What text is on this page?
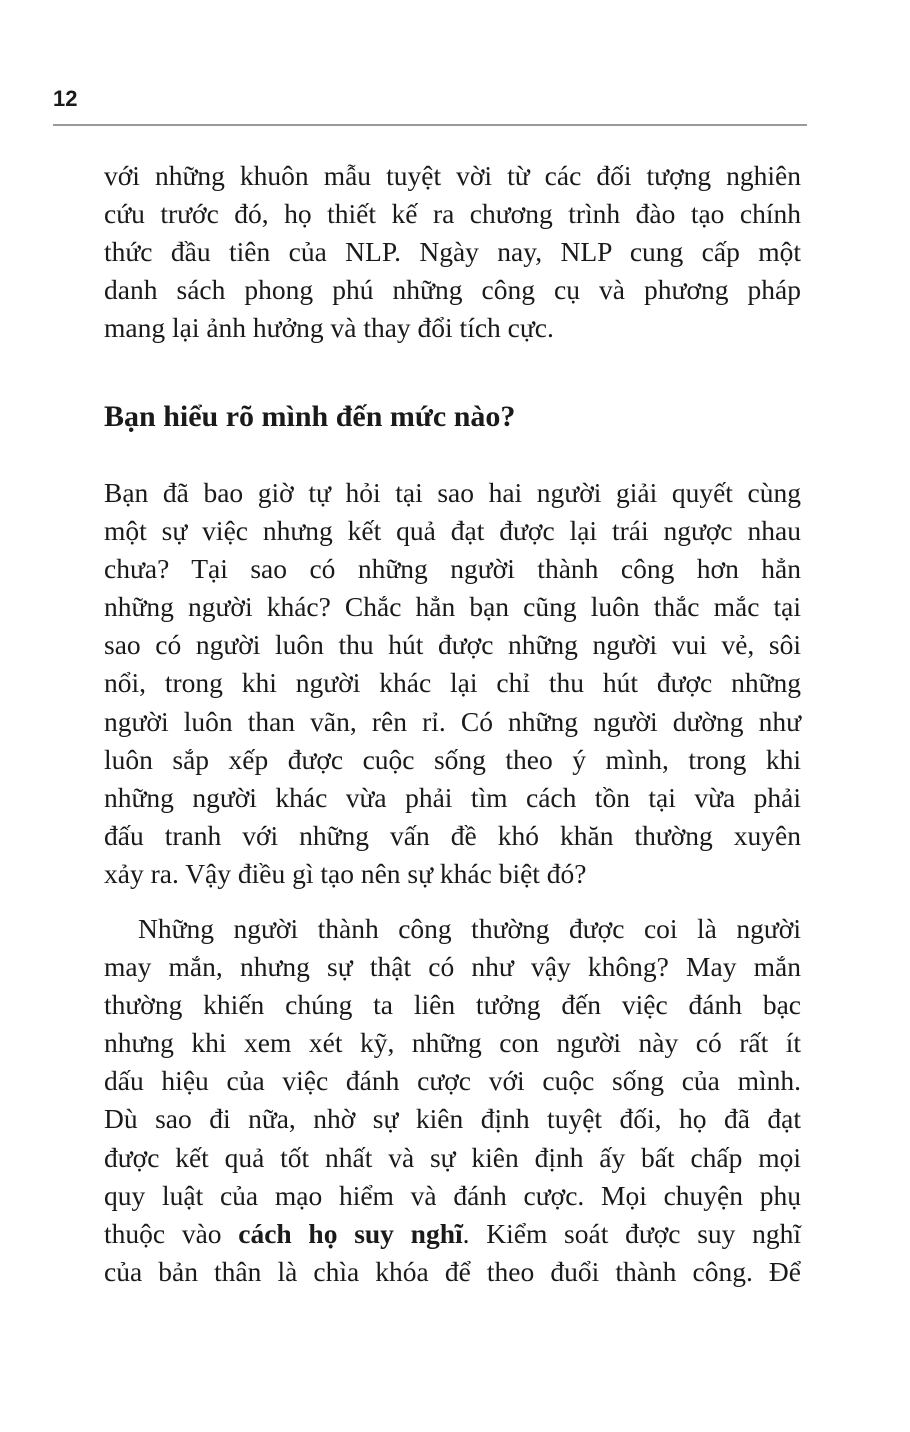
12
với những khuôn mẫu tuyệt vời từ các đối tượng nghiên
cứu trước đó, họ thiết kế ra chương trình đào tạo chính
thức đầu tiên của NLP. Ngày nay, NLP cung cấp một
danh sách phong phú những công cụ và phương pháp
mang lại ảnh hưởng và thay đổi tích cực.
Bạn hiểu rõ mình đến mức nào?
Bạn đã bao giờ tự hỏi tại sao hai người giải quyết cùng
một sự việc nhưng kết quả đạt được lại trái ngược nhau
chưa? Tại sao có những người thành công hơn hẳn
những người khác? Chắc hẳn bạn cũng luôn thắc mắc tại
sao có người luôn thu hút được những người vui vẻ, sôi
nổi, trong khi người khác lại chỉ thu hút được những
người luôn than vãn, rên rỉ. Có những người dường như
luôn sắp xếp được cuộc sống theo ý mình, trong khi
những người khác vừa phải tìm cách tồn tại vừa phải
đấu tranh với những vấn đề khó khăn thường xuyên
xảy ra. Vậy điều gì tạo nên sự khác biệt đó?
Những người thành công thường được coi là người
may mắn, nhưng sự thật có như vậy không? May mắn
thường khiến chúng ta liên tưởng đến việc đánh bạc
nhưng khi xem xét kỹ, những con người này có rất ít
dấu hiệu của việc đánh cược với cuộc sống của mình.
Dù sao đi nữa, nhờ sự kiên định tuyệt đối, họ đã đạt
được kết quả tốt nhất và sự kiên định ấy bất chấp mọi
quy luật của mạo hiểm và đánh cược. Mọi chuyện phụ
thuộc vào cách họ suy nghĩ. Kiểm soát được suy nghĩ
của bản thân là chìa khóa để theo đuổi thành công. Để
